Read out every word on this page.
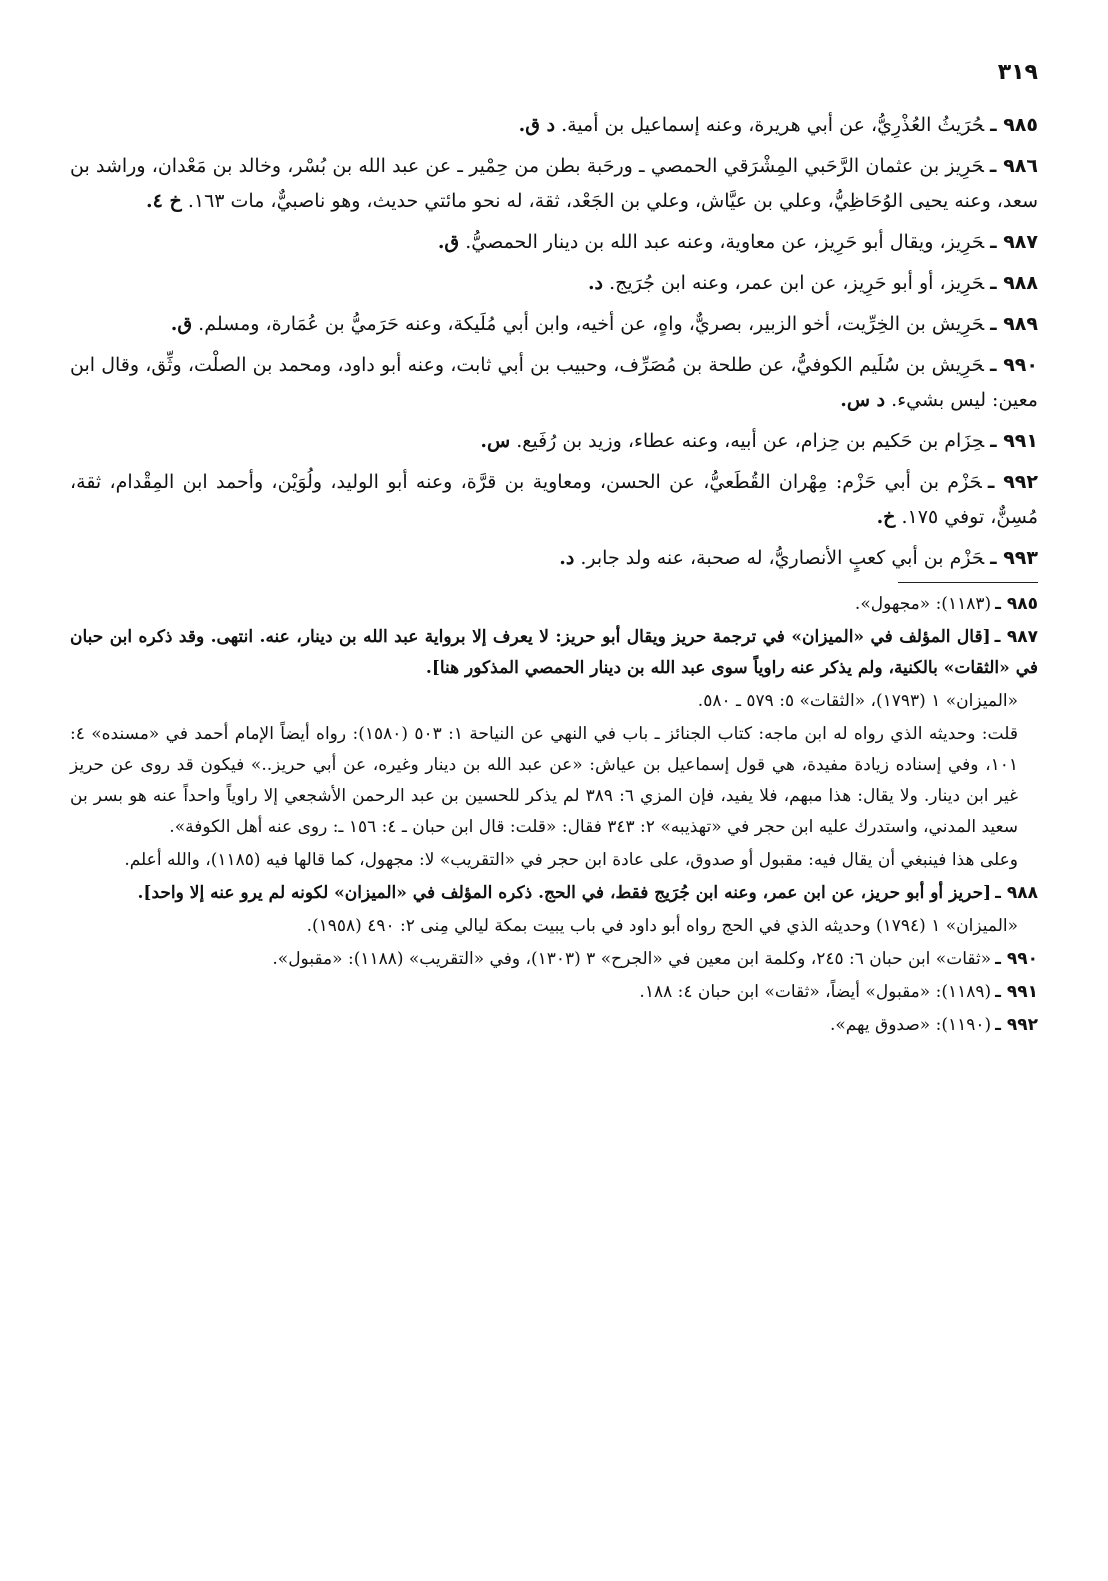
٣١٩
٩٨٥ ـحُرَيثُ العُذْرِيُّ، عن أبي هريرة، وعنه إسماعيل بن أمية. د ق.
٩٨٦ ـحَرِيز بن عثمان الرَّحَبي المِشْرَقي الحمصي ـ ورحَبة بطن من حِمْير ـ عن عبد الله بن بُسْر، وخالد بن مَعْدان، وراشد بن سعد، وعنه يحيى الوُحَاظِيُّ، وعلي بن عيَّاش، وعلي بن الجَعْد، ثقة، له نحو مائتي حديث، وهو ناصبيٌّ، مات ١٦٣. خ ٤.
٩٨٧ ـحَرِيز، ويقال أبو حَرِيز، عن معاوية، وعنه عبد الله بن دينار الحمصيُّ. ق.
٩٨٨ ـحَرِيز، أو أبو حَرِيز، عن ابن عمر، وعنه ابن جُرَيج. د.
٩٨٩ ـحَرِيش بن الخِرِّيت، أخو الزبير، بصريٌّ، واهٍ، عن أخيه، وابن أبي مُلَيكة، وعنه حَرَميُّ بن عُمَارة، ومسلم. ق.
٩٩٠ ـحَرِيش بن سُلَيم الكوفيُّ، عن طلحة بن مُصَرِّف، وحبيب بن أبي ثابت، وعنه أبو داود، ومحمد بن الصلْت، وثِّق، وقال ابن معين: ليس بشيء. د س.
٩٩١ ـحِزَام بن حَكيم بن حِزام، عن أبيه، وعنه عطاء، وزيد بن رُفَيع. س.
٩٩٢ ـحَزْم بن أبي حَزْم: مِهْران القُطَعيُّ، عن الحسن، ومعاوية بن قرَّة، وعنه أبو الوليد، ولُوَيْن، وأحمد ابن المِقْدام، ثقة، مُسِنٌّ، توفي ١٧٥. خ.
٩٩٣ ـحَزْم بن أبي كعبٍ الأنصاريُّ، له صحبة، عنه ولد جابر. د.
٩٨٥ ـ(١١٨٣): «مجهول».
٩٨٧ ـ[قال المؤلف في «الميزان» في ترجمة حريز ويقال أبو حريز: لا يعرف إلا برواية عبد الله بن دينار، عنه. انتهى. وقد ذكره ابن حبان في «الثقات» بالكنية، ولم يذكر عنه راوياً سوى عبد الله بن دينار الحمصي المذكور هنا].
«الميزان» ١ (١٧٩٣)، «الثقات» ٥: ٥٧٩ ـ ٥٨٠.
قلت: وحديثه الذي رواه له ابن ماجه: كتاب الجنائز ـ باب في النهي عن النياحة ١: ٥٠٣ (١٥٨٠): رواه أيضاً الإمام أحمد في «مسنده» ٤: ١٠١، وفي إسناده زيادة مفيدة، هي قول إسماعيل بن عياش: «عن عبد الله بن دينار وغيره، عن أبي حريز..» فيكون قد روى عن حريز غير ابن دينار. ولا يقال: هذا مبهم، فلا يفيد، فإن المزي ٦: ٣٨٩ لم يذكر للحسين بن عبد الرحمن الأشجعي إلا راوياً واحداً عنه هو بسر بن سعيد المدني، واستدرك عليه ابن حجر في «تهذيبه» ٢: ٣٤٣ فقال: «قلت: قال ابن حبان ـ ٤: ١٥٦ ـ: روى عنه أهل الكوفة».
وعلى هذا فينبغي أن يقال فيه: مقبول أو صدوق، على عادة ابن حجر في «التقريب» لا: مجهول، كما قالها فيه (١١٨٥)، والله أعلم.
٩٨٨ ـ[حريز أو أبو حريز، عن ابن عمر، وعنه ابن جُرَيج فقط، في الحج. ذكره المؤلف في «الميزان» لكونه لم يرو عنه إلا واحد].
«الميزان» ١ (١٧٩٤) وحديثه الذي في الحج رواه أبو داود في باب يبيت بمكة ليالي مِنى ٢: ٤٩٠ (١٩٥٨).
٩٩٠ ـ«ثقات» ابن حبان ٦: ٢٤٥، وكلمة ابن معين في «الجرح» ٣ (١٣٠٣)، وفي «التقريب» (١١٨٨): «مقبول».
٩٩١ ـ(١١٨٩): «مقبول» أيضاً، «ثقات» ابن حبان ٤: ١٨٨.
٩٩٢ ـ(١١٩٠): «صدوق يهم».
